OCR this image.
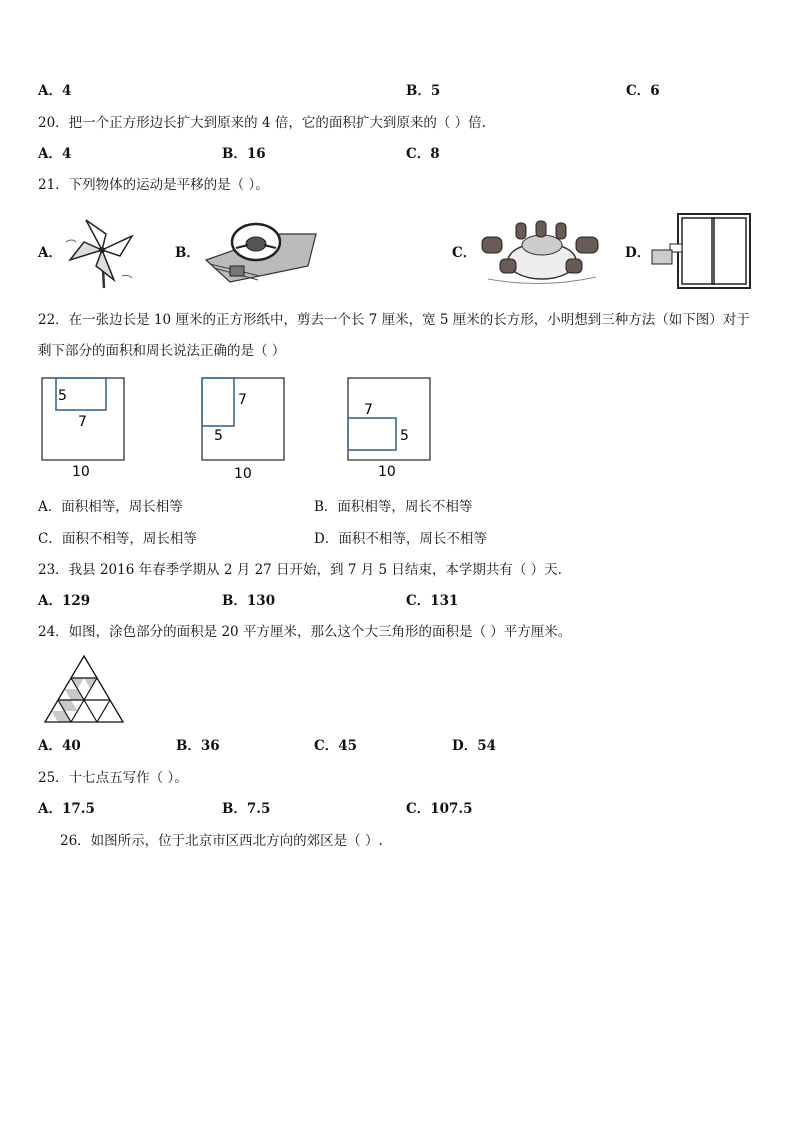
A．4	B．5	C．6
20．把一个正方形边长扩大到原来的 4 倍，它的面积扩大到原来的（ ）倍.
A．4	B．16	C．8
21．下列物体的运动是平移的是（ ）。
A．	B．	C．	D．
22．在一张边长是 10 厘米的正方形纸中，剪去一个长 7 厘米，宽 5 厘米的长方形，小明想到三种方法（如下图）对于
剩下部分的面积和周长说法正确的是（ ）
5
7
10
7
5
10
7
5
10
A．面积相等，周长相等	B．面积相等，周长不相等
C．面积不相等，周长相等	D．面积不相等，周长不相等
23．我县 2016 年春季学期从 2 月 27 日开始，到 7 月 5 日结束，本学期共有（ ）天.
A．129	B．130	C．131
24．如图，涂色部分的面积是 20 平方厘米，那么这个大三角形的面积是（ ）平方厘米。
A．40	B．36	C．45	D．54
25．十七点五写作（ ）。
A．17.5	B．7.5	C．107.5
26．如图所示，位于北京市区西北方向的郊区是（ ）.
